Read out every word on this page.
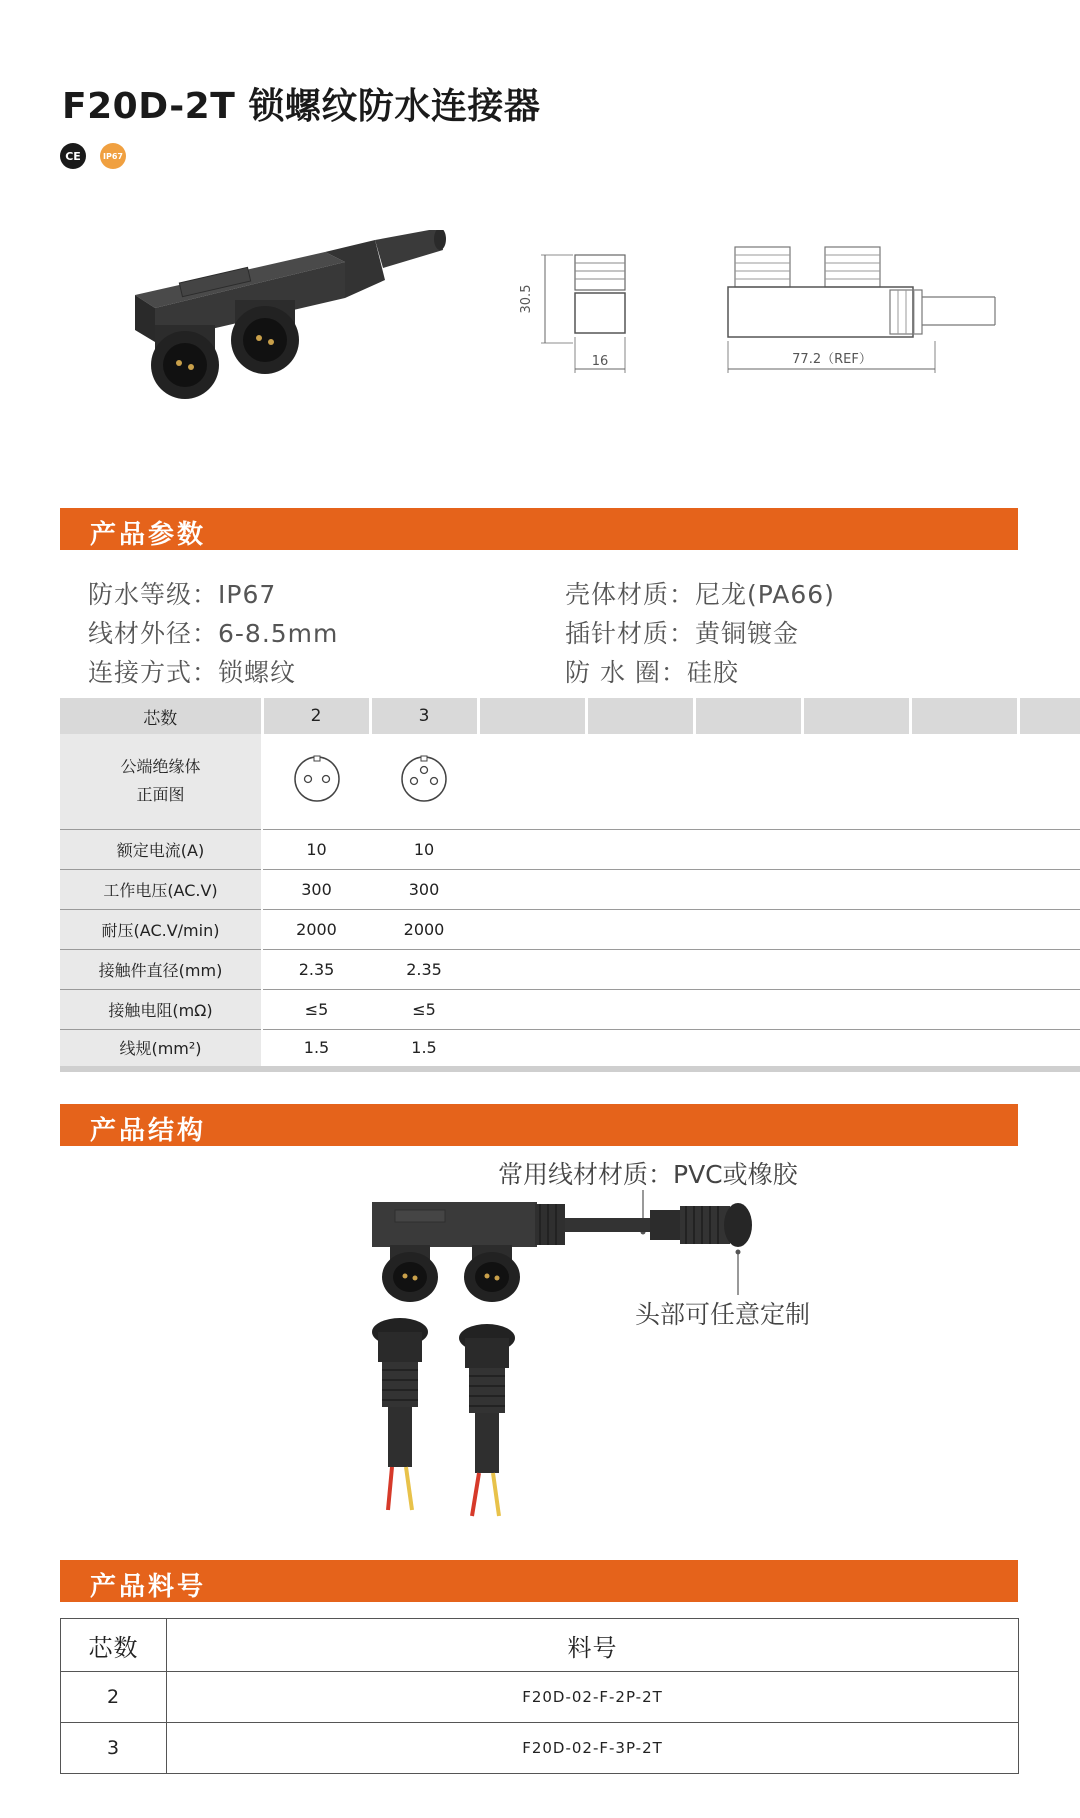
F20D-2T 锁螺纹防水连接器
CE	IP67
30.5
16	77.2（REF）
产品参数
防水等级：IP67
线材外径：6-8.5mm
连接方式：锁螺纹
壳体材质：尼龙(PA66)
插针材质：黄铜镀金
防 水 圈：硅胶
芯数	2	3						

公端绝缘体
正面图

额定电流(A)	10	10						
工作电压(AC.V)	300	300						
耐压(AC.V/min)	2000	2000						
接触件直径(mm)	2.35	2.35						
接触电阻(mΩ)	≤5	≤5						
线规(mm²)	1.5	1.5						
产品结构
常用线材材质：PVC或橡胶
头部可任意定制
产品料号
芯数	料号
2	F20D-02-F-2P-2T
3	F20D-02-F-3P-2T
